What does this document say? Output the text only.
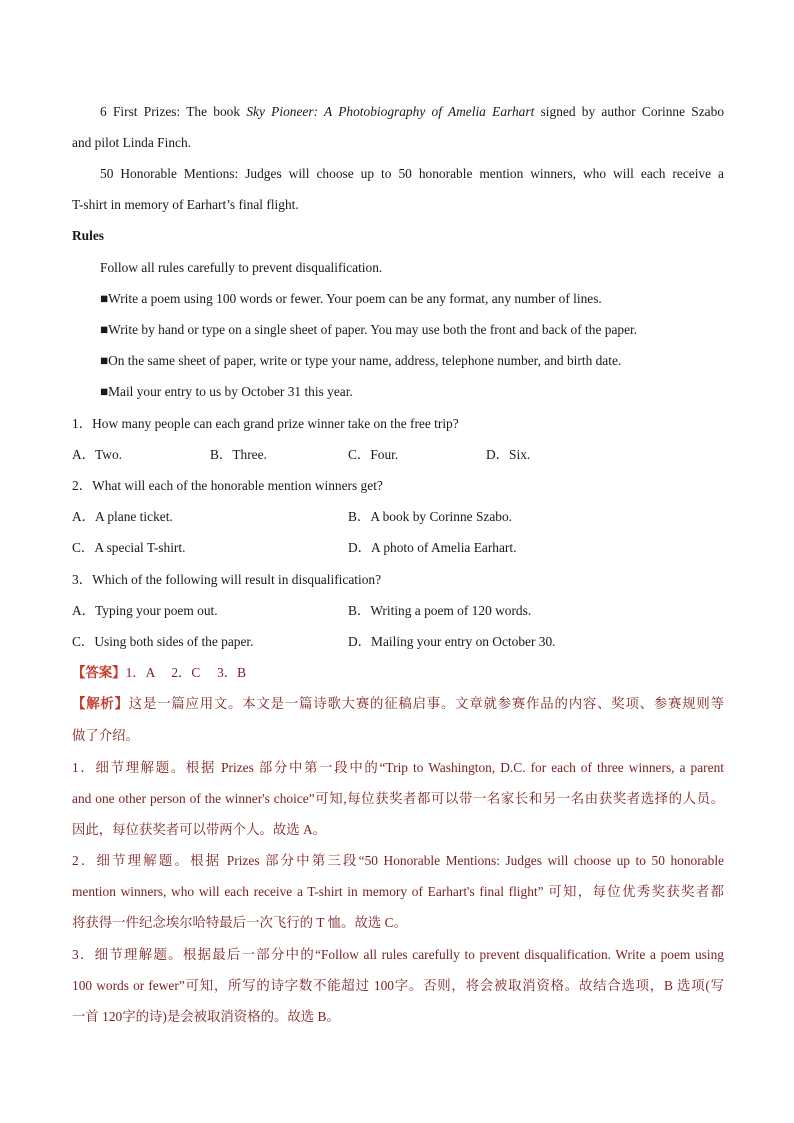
6 First Prizes: The book Sky Pioneer: A Photobiography of Amelia Earhart signed by author Corinne Szabo
and pilot Linda Finch.
50 Honorable Mentions: Judges will choose up to 50 honorable mention winners, who will each receive a
T-shirt in memory of Earhart’s final flight.
Rules
Follow all rules carefully to prevent disqualification.
■Write a poem using 100 words or fewer. Your poem can be any format, any number of lines.
■Write by hand or type on a single sheet of paper. You may use both the front and back of the paper.
■On the same sheet of paper, write or type your name, address, telephone number, and birth date.
■Mail your entry to us by October 31 this year.
1．How many people can each grand prize winner take on the free trip?
A．Two.	B．Three.	C．Four.	D．Six.
2．What will each of the honorable mention winners get?
A．A plane ticket.	B．A book by Corinne Szabo.
C．A special T-shirt.	D．A photo of Amelia Earhart.
3．Which of the following will result in disqualification?
A．Typing your poem out.	B．Writing a poem of 120 words.
C．Using both sides of the paper.	D．Mailing your entry on October 30.
【答案】1．A　 2．C　 3．B
【解析】这是一篇应用文。本文是一篇诗歌大赛的征稿启事。文章就参赛作品的内容、奖项、参赛规则等
做了介绍。
1．细节理解题。根据 Prizes 部分中第一段中的“Trip to Washington, D.C. for each of three winners, a parent
and one other person of the winner's choice”可知,每位获奖者都可以带一名家长和另一名由获奖者选择的人员。
因此，每位获奖者可以带两个人。故选 A。
2．细节理解题。根据 Prizes 部分中第三段“50 Honorable Mentions: Judges will choose up to 50 honorable
mention winners, who will each receive a T-shirt in memory of Earhart's final flight” 可知，每位优秀奖获奖者都
将获得一件纪念埃尔哈特最后一次飞行的 T 恤。故选 C。
3．细节理解题。根据最后一部分中的“Follow all rules carefully to prevent disqualification. Write a poem using
100 words or fewer”可知，所写的诗字数不能超过 100字。否则，将会被取消资格。故结合选项，B 选项(写
一首 120字的诗)是会被取消资格的。故选 B。
